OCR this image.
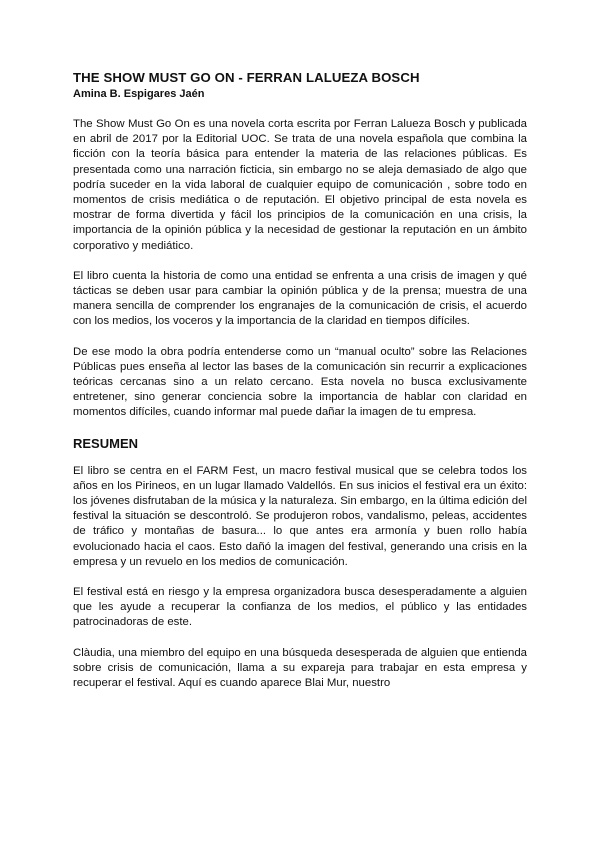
THE SHOW MUST GO ON - FERRAN LALUEZA BOSCH
Amina B. Espigares Jaén

The Show Must Go On es una novela corta escrita por Ferran Lalueza Bosch y publicada en abril de 2017 por la Editorial UOC. Se trata de una novela española que combina la ficción con la teoría básica para entender la materia de las relaciones públicas. Es presentada como una narración ficticia, sin embargo no se aleja demasiado de algo que podría suceder en la vida laboral de cualquier equipo de comunicación , sobre todo en momentos de crisis mediática o de reputación. El objetivo principal de esta novela es mostrar de forma divertida y fácil los principios de la comunicación en una crisis, la importancia de la opinión pública y la necesidad de gestionar la reputación en un ámbito corporativo y mediático.

El libro cuenta la historia de como una entidad se enfrenta a una crisis de imagen y qué tácticas se deben usar para cambiar la opinión pública y de la prensa; muestra de una manera sencilla de comprender los engranajes de la comunicación de crisis, el acuerdo con los medios, los voceros y la importancia de la claridad en tiempos difíciles.

De ese modo la obra podría entenderse como un “manual oculto” sobre las Relaciones Públicas pues enseña al lector las bases de la comunicación sin recurrir a explicaciones teóricas cercanas sino a un relato cercano. Esta novela no busca exclusivamente entretener, sino generar conciencia sobre la importancia de hablar con claridad en momentos difíciles, cuando informar mal puede dañar la imagen de tu empresa.

RESUMEN

El libro se centra en el FARM Fest, un macro festival musical que se celebra todos los años en los Pirineos, en un lugar llamado Valdellós. En sus inicios el festival era un éxito: los jóvenes disfrutaban de la música y la naturaleza. Sin embargo, en la última edición del festival la situación se descontroló. Se produjeron robos, vandalismo, peleas, accidentes de tráfico y montañas de basura... lo que antes era armonía y buen rollo había evolucionado hacia el caos. Esto dañó la imagen del festival, generando una crisis en la empresa y un revuelo en los medios de comunicación.

El festival está en riesgo y la empresa organizadora busca desesperadamente a alguien que les ayude a recuperar la confianza de los medios, el público y las entidades patrocinadoras de este.

Clàudia, una miembro del equipo en una búsqueda desesperada de alguien que entienda sobre crisis de comunicación, llama a su expareja para trabajar en esta empresa y recuperar el festival. Aquí es cuando aparece Blai Mur, nuestro
